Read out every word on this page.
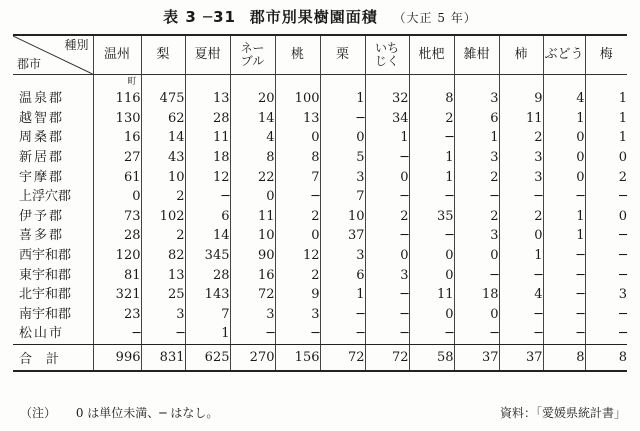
表 3 ─31 郡市別果樹園面積 （大正 5 年）
種別
郡市	温州	梨	夏柑	ネーブル	桃	栗	いちじく	枇杷	雑柑	柿	ぶどう	梅
	町											
温泉郡	116	475	13	20	100	1	32	8	3	9	4	1
越智郡	130	62	28	14	13	─	34	2	6	11	1	1
周桑郡	16	14	11	4	0	0	1	─	1	2	0	1
新居郡	27	43	18	8	8	5	─	1	3	3	0	0
宇摩郡	61	10	12	22	7	3	0	1	2	3	0	2
上浮穴郡	0	2	─	0	─	7	─	─	─	─	─	─
伊予郡	73	102	6	11	2	10	2	35	2	2	1	0
喜多郡	28	2	14	10	0	37	─	─	3	0	1	─
西宇和郡	120	82	345	90	12	3	0	0	0	1	─	─
東宇和郡	81	13	28	16	2	6	3	0	─	─	─	─
北宇和郡	321	25	143	72	9	1	─	11	18	4	─	3
南宇和郡	23	3	7	3	3	─	─	0	0	─	─	─
松山市	─	─	1	─	─	─	─	─	─	─	─	─
合計	996	831	625	270	156	72	72	58	37	37	8	8
（注） 0 は単位未満、─ はなし。	資料：「愛媛県統計書」
